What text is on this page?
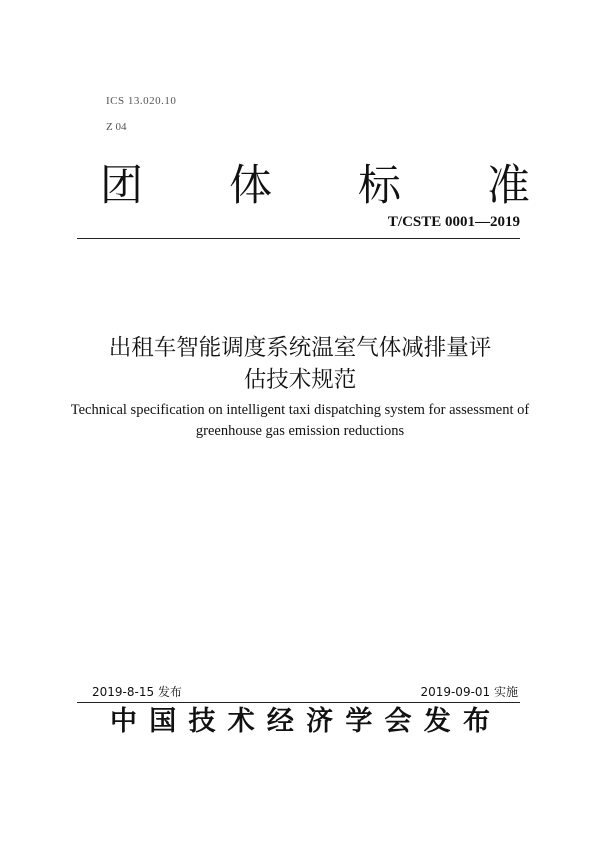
ICS 13.020.10
Z 04
团 体 标 准
T/CSTE 0001—2019
出租车智能调度系统温室气体减排量评
估技术规范
Technical specification on intelligent taxi dispatching system for assessment of
greenhouse gas emission reductions
2019-8-15 发布	2019-09-01 实施
中 国 技 术 经 济 学 会 发 布
